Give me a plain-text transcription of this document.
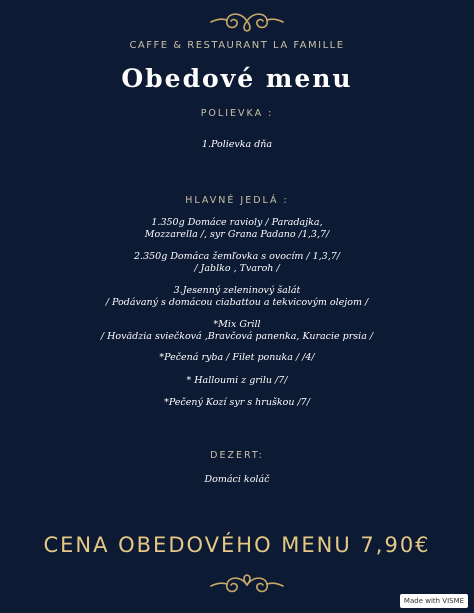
CAFFE & RESTAURANT LA FAMILLE
Obedové menu
POLIEVKA :
1.Polievka dňa
HLAVNÉ JEDLÁ :
1.350g Domáce ravioly / Paradajka,
Mozzarella /, syr Grana Padano /1,3,7/
2.350g Domáca žemľovka s ovocím / 1,3,7/
/ Jablko , Tvaroh /
3.Jesenný zeleninový šalát
/ Podávaný s domácou ciabattou a tekvicovým olejom /
*Mix Grill
/ Hovädzia sviečková ,Bravčová panenka, Kuracie prsia /
*Pečená ryba / Filet ponuka / /4/
* Halloumi z grilu /7/
*Pečený Kozí syr s hruškou /7/
DEZERT:
Domáci koláč
CENA OBEDOVÉHO MENU 7,90€
Made with VISME
